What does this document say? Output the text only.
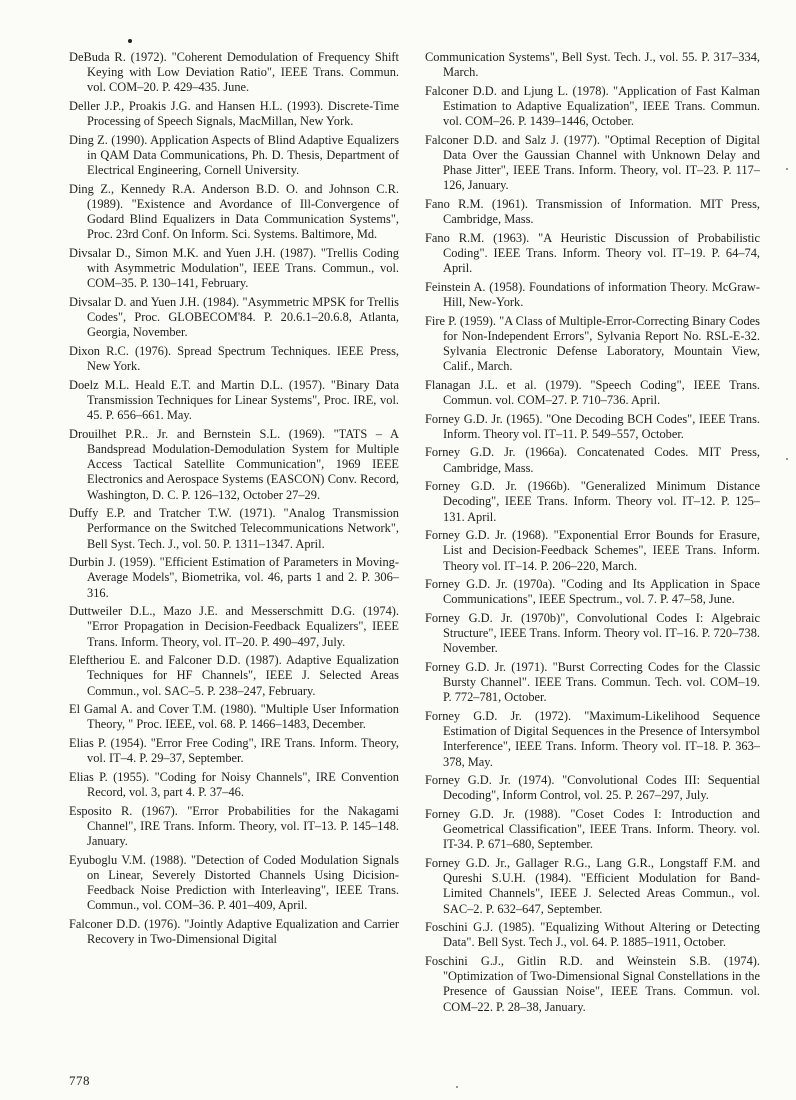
DeBuda R. (1972). "Coherent Demodulation of Frequency Shift Keying with Low Deviation Ratio", IEEE Trans. Commun. vol. COM–20. P. 429–435. June.

Deller J.P., Proakis J.G. and Hansen H.L. (1993). Discrete-Time Processing of Speech Signals, MacMillan, New York.

Ding Z. (1990). Application Aspects of Blind Adaptive Equalizers in QAM Data Communications, Ph. D. Thesis, Department of Electrical Engineering, Cornell University.

Ding Z., Kennedy R.A. Anderson B.D. O. and Johnson C.R. (1989). "Existence and Avordance of Ill-Convergence of Godard Blind Equalizers in Data Communication Systems", Proc. 23rd Conf. On Inform. Sci. Systems. Baltimore, Md.

Divsalar D., Simon M.K. and Yuen J.H. (1987). "Trellis Coding with Asymmetric Modulation", IEEE Trans. Commun., vol. COM–35. P. 130–141, February.

Divsalar D. and Yuen J.H. (1984). "Asymmetric MPSK for Trellis Codes", Proc. GLOBECOM'84. P. 20.6.1–20.6.8, Atlanta, Georgia, November.

Dixon R.C. (1976). Spread Spectrum Techniques. IEEE Press, New York.

Doelz M.L. Heald E.T. and Martin D.L. (1957). "Binary Data Transmission Techniques for Linear Systems", Proc. IRE, vol. 45. P. 656–661. May.

Drouilhet P.R.. Jr. and Bernstein S.L. (1969). "TATS – A Bandspread Modulation-Demodulation System for Multiple Access Tactical Satellite Communication", 1969 IEEE Electronics and Aerospace Systems (EASCON) Conv. Record, Washington, D. C. P. 126–132, October 27–29.

Duffy E.P. and Tratcher T.W. (1971). "Analog Transmission Performance on the Switched Telecommunications Network", Bell Syst. Tech. J., vol. 50. P. 1311–1347. April.

Durbin J. (1959). "Efficient Estimation of Parameters in Moving-Average Models", Biometrika, vol. 46, parts 1 and 2. P. 306–316.

Duttweiler D.L., Mazo J.E. and Messerschmitt D.G. (1974). "Error Propagation in Decision-Feedback Equalizers", IEEE Trans. Inform. Theory, vol. IT–20. P. 490–497, July.

Eleftheriou E. and Falconer D.D. (1987). Adaptive Equalization Techniques for HF Channels", IEEE J. Selected Areas Commun., vol. SAC–5. P. 238–247, February.

El Gamal A. and Cover T.M. (1980). "Multiple User Information Theory, " Proc. IEEE, vol. 68. P. 1466–1483, December.

Elias P. (1954). "Error Free Coding", IRE Trans. Inform. Theory, vol. IT–4. P. 29–37, September.

Elias P. (1955). "Coding for Noisy Channels", IRE Convention Record, vol. 3, part 4. P. 37–46.

Esposito R. (1967). "Error Probabilities for the Nakagami Channel", IRE Trans. Inform. Theory, vol. IT–13. P. 145–148. January.

Eyuboglu V.M. (1988). "Detection of Coded Modulation Signals on Linear, Severely Distorted Channels Using Dicision-Feedback Noise Prediction with Interleaving", IEEE Trans. Commun., vol. COM–36. P. 401–409, April.

Falconer D.D. (1976). "Jointly Adaptive Equalization and Carrier Recovery in Two-Dimensional Digital

Communication Systems", Bell Syst. Tech. J., vol. 55. P. 317–334, March.

Falconer D.D. and Ljung L. (1978). "Application of Fast Kalman Estimation to Adaptive Equalization", IEEE Trans. Commun. vol. COM–26. P. 1439–1446, October.

Falconer D.D. and Salz J. (1977). "Optimal Reception of Digital Data Over the Gaussian Channel with Unknown Delay and Phase Jitter", IEEE Trans. Inform. Theory, vol. IT–23. P. 117–126, January.

Fano R.M. (1961). Transmission of Information. MIT Press, Cambridge, Mass.

Fano R.M. (1963). "A Heuristic Discussion of Probabilistic Coding". IEEE Trans. Inform. Theory vol. IT–19. P. 64–74, April.

Feinstein A. (1958). Foundations of information Theory. McGraw-Hill, New-York.

Fire P. (1959). "A Class of Multiple-Error-Correcting Binary Codes for Non-Independent Errors", Sylvania Report No. RSL-E-32. Sylvania Electronic Defense Laboratory, Mountain View, Calif., March.

Flanagan J.L. et al. (1979). "Speech Coding", IEEE Trans. Commun. vol. COM–27. P. 710–736. April.

Forney G.D. Jr. (1965). "One Decoding BCH Codes", IEEE Trans. Inform. Theory vol. IT–11. P. 549–557, October.

Forney G.D. Jr. (1966a). Concatenated Codes. MIT Press, Cambridge, Mass.

Forney G.D. Jr. (1966b). "Generalized Minimum Distance Decoding", IEEE Trans. Inform. Theory vol. IT–12. P. 125–131. April.

Forney G.D. Jr. (1968). "Exponential Error Bounds for Erasure, List and Decision-Feedback Schemes", IEEE Trans. Inform. Theory vol. IT–14. P. 206–220, March.

Forney G.D. Jr. (1970a). "Coding and Its Application in Space Communications", IEEE Spectrum., vol. 7. P. 47–58, June.

Forney G.D. Jr. (1970b)", Convolutional Codes I: Algebraic Structure", IEEE Trans. Inform. Theory vol. IT–16. P. 720–738. November.

Forney G.D. Jr. (1971). "Burst Correcting Codes for the Classic Bursty Channel". IEEE Trans. Commun. Tech. vol. COM–19. P. 772–781, October.

Forney G.D. Jr. (1972). "Maximum-Likelihood Sequence Estimation of Digital Sequences in the Presence of Intersymbol Interference", IEEE Trans. Inform. Theory vol. IT–18. P. 363–378, May.

Forney G.D. Jr. (1974). "Convolutional Codes III: Sequential Decoding", Inform Control, vol. 25. P. 267–297, July.

Forney G.D. Jr. (1988). "Coset Codes I: Introduction and Geometrical Classification", IEEE Trans. Inform. Theory. vol. IT-34. P. 671–680, September.

Forney G.D. Jr., Gallager R.G., Lang G.R., Longstaff F.M. and Qureshi S.U.H. (1984). "Efficient Modulation for Band-Limited Channels", IEEE J. Selected Areas Commun., vol. SAC–2. P. 632–647, September.

Foschini G.J. (1985). "Equalizing Without Altering or Detecting Data". Bell Syst. Tech J., vol. 64. P. 1885–1911, October.

Foschini G.J., Gitlin R.D. and Weinstein S.B. (1974). "Optimization of Two-Dimensional Signal Constellations in the Presence of Gaussian Noise", IEEE Trans. Commun. vol. COM–22. P. 28–38, January.

778
